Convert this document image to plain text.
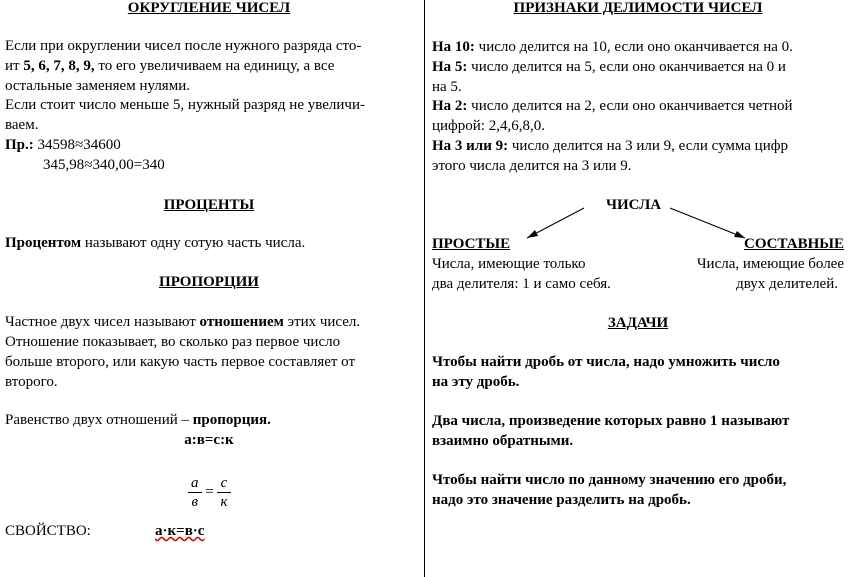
ОКРУГЛЕНИЕ ЧИСЕЛ
Если при округлении чисел после нужного разряда сто-
ит 5, 6, 7, 8, 9, то его увеличиваем на единицу, а все
остальные заменяем нулями.
Если стоит число меньше 5, нужный разряд не увеличи-
ваем.
Пр.: 34598≈34600
345,98≈340,00=340
ПРОЦЕНТЫ
Процентом называют одну сотую часть числа.
ПРОПОРЦИИ
Частное двух чисел называют отношением этих чисел.
Отношение показывает, во сколько раз первое число
больше второго, или какую часть первое составляет от
второго.
Равенство двух отношений – пропорция.
а:в=с:к
$\frac{а}{в} = \frac{с}{к}$
СВОЙСТВО:	а·к=в·с
ПРИЗНАКИ ДЕЛИМОСТИ ЧИСЕЛ
На 10: число делится на 10, если оно оканчивается на 0.
На 5: число делится на 5, если оно оканчивается на 0 и
на 5.
На 2: число делится на 2, если оно оканчивается четной
цифрой: 2,4,6,8,0.
На 3 или 9: число делится на 3 или 9, если сумма цифр
этого числа делится на 3 или 9.
ЧИСЛА
ПРОСТЫЕ
Числа, имеющие только
два делителя: 1 и само себя.
СОСТАВНЫЕ
Числа, имеющие более
двух делителей.
ЗАДАЧИ
Чтобы найти дробь от числа, надо умножить число
на эту дробь.
Два числа, произведение которых равно 1 называют
взаимно обратными.
Чтобы найти число по данному значению его дроби,
надо это значение разделить на дробь.
